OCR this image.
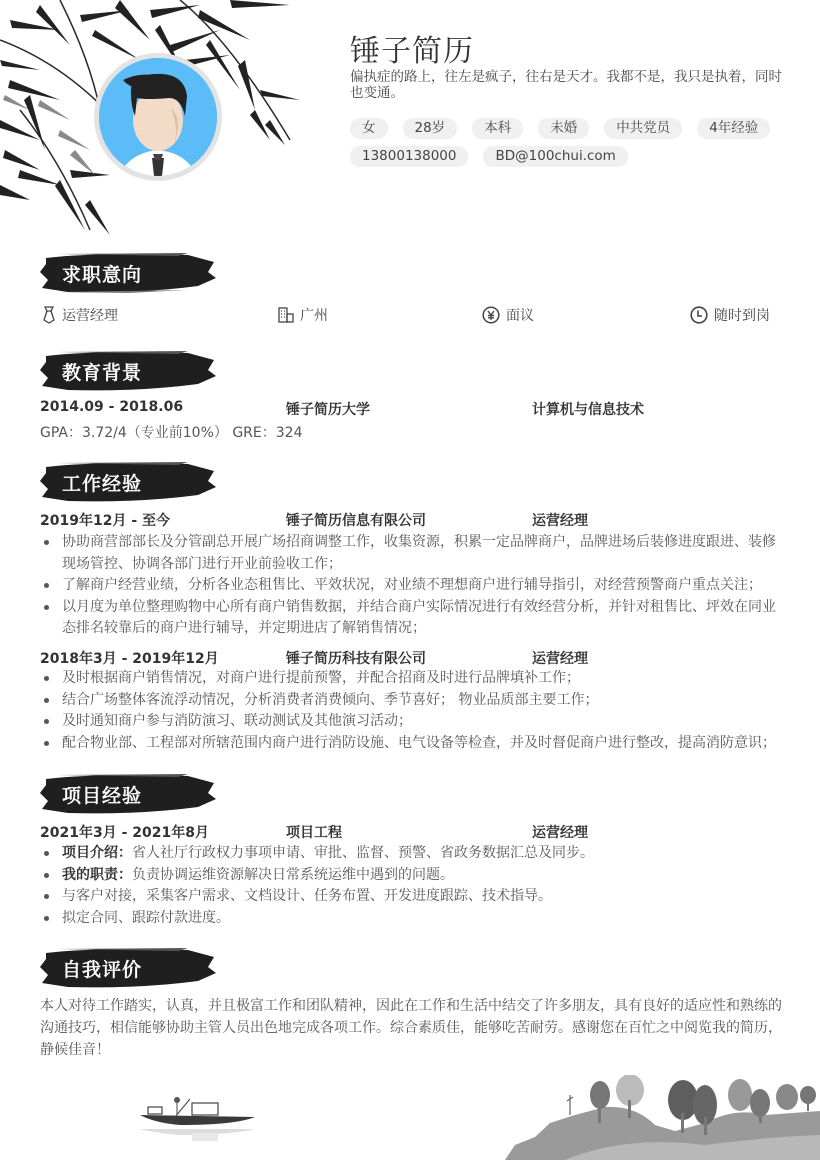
锤子简历
偏执症的路上，往左是疯子，往右是天才。我都不是，我只是执着，同时也变通。
女	28岁	本科	未婚	中共党员	4年经验
13800138000	BD@100chui.com
求职意向
运营经理	广州	面议	随时到岗
教育背景
2014.09 - 2018.06	锤子简历大学	计算机与信息技术
GPA：3.72/4（专业前10%） GRE：324
工作经验
2019年12月 - 至今	锤子简历信息有限公司	运营经理
协助商营部部长及分管副总开展广场招商调整工作，收集资源，积累一定品牌商户，品牌进场后装修进度跟进、装修现场管控、协调各部门进行开业前验收工作；
了解商户经营业绩，分析各业态租售比、平效状况，对业绩不理想商户进行辅导指引，对经营预警商户重点关注；
以月度为单位整理购物中心所有商户销售数据，并结合商户实际情况进行有效经营分析，并针对租售比、坪效在同业态排名较靠后的商户进行辅导，并定期进店了解销售情况；
2018年3月 - 2019年12月	锤子简历科技有限公司	运营经理
及时根据商户销售情况，对商户进行提前预警，并配合招商及时进行品牌填补工作；
结合广场整体客流浮动情况，分析消费者消费倾向、季节喜好； 物业品质部主要工作；
及时通知商户参与消防演习、联动测试及其他演习活动；
配合物业部、工程部对所辖范围内商户进行消防设施、电气设备等检查，并及时督促商户进行整改，提高消防意识；
项目经验
2021年3月 - 2021年8月	项目工程	运营经理
项目介绍：省人社厅行政权力事项申请、审批、监督、预警、省政务数据汇总及同步。
我的职责：负责协调运维资源解决日常系统运维中遇到的问题。
与客户对接，采集客户需求、文档设计、任务布置、开发进度跟踪、技术指导。
拟定合同、跟踪付款进度。
自我评价
本人对待工作踏实，认真，并且极富工作和团队精神，因此在工作和生活中结交了许多朋友，具有良好的适应性和熟练的沟通技巧，相信能够协助主管人员出色地完成各项工作。综合素质佳，能够吃苦耐劳。感谢您在百忙之中阅览我的简历，静候佳音！
